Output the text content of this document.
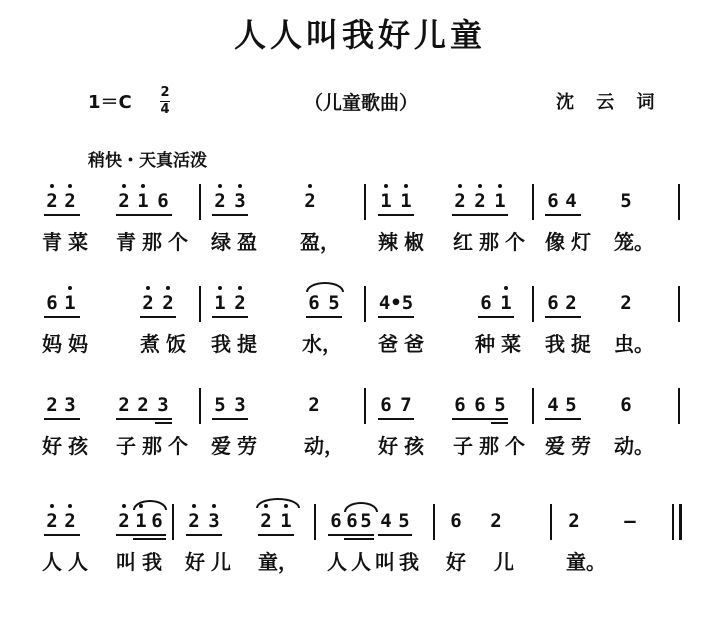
人人叫我好儿童
1＝C 2
4	（儿童歌曲）	沈 云 词
稍快・天真活泼
2 2 2 1 6 2 3	2	1 1 2 2 1 6 4 5
青 菜 青 那 个 绿 盈 盈， 辣 椒 红 那 个 像 灯 笼。
6 1	2 2 1 2	6 5 4•5	6 1 6 2 2
妈 妈	煮 饭 我 提 水， 爸 爸	种 菜 我 捉 虫。
2 3 2 2 3 5 3	2	6 7 6 6 5 4 5 6
好 孩 子 那 个 爱 劳 动， 好 孩 子 那 个 爱 劳 动。
2 2 2 1 6 2 3 2 1 6 6 5 4 5 6 2	2	—
人 人 叫 我 好 儿 童， 人 人 叫 我 好 儿	童。
